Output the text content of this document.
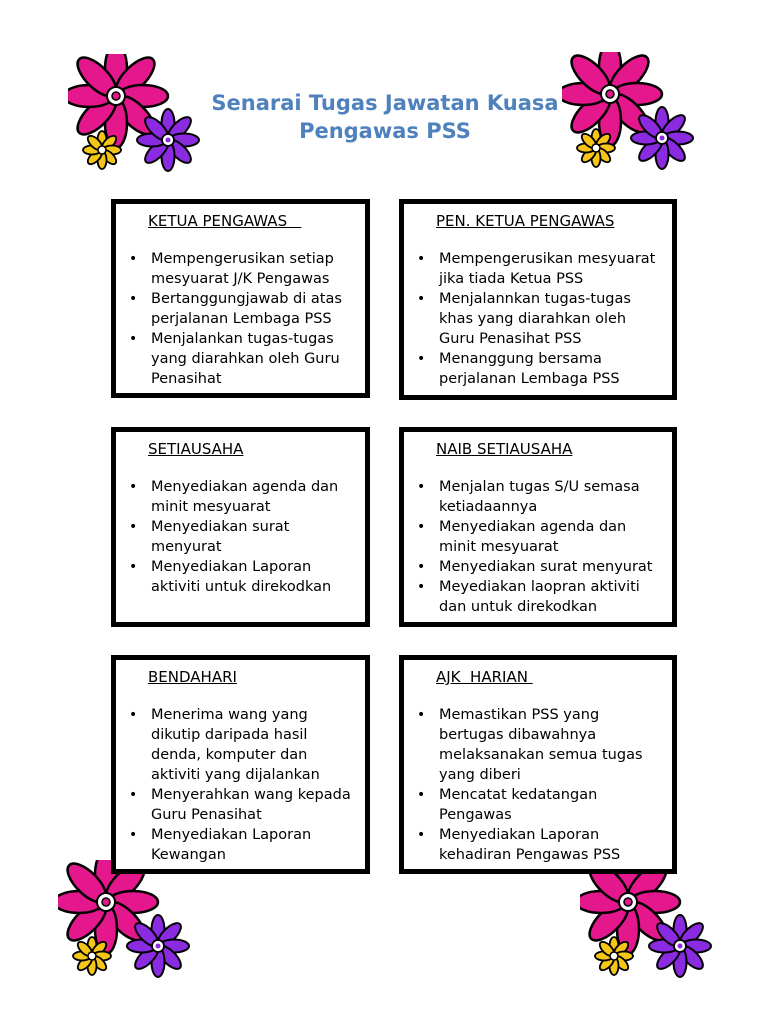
Senarai Tugas Jawatan Kuasa
Pengawas PSS
KETUA PENGAWAS
• Mempengerusikan setiap mesyuarat J/K Pengawas
• Bertanggungjawab di atas perjalanan Lembaga PSS
• Menjalankan tugas-tugas yang diarahkan oleh Guru Penasihat
PEN. KETUA PENGAWAS
• Mempengerusikan mesyuarat jika tiada Ketua PSS
• Menjalannkan tugas-tugas khas yang diarahkan oleh Guru Penasihat PSS
• Menanggung bersama perjalanan Lembaga PSS
SETIAUSAHA
• Menyediakan agenda dan minit mesyuarat
• Menyediakan surat menyurat
• Menyediakan Laporan aktiviti untuk direkodkan
NAIB SETIAUSAHA
• Menjalan tugas S/U semasa ketiadaannya
• Menyediakan agenda dan minit mesyuarat
• Menyediakan surat menyurat
• Meyediakan laopran aktiviti dan untuk direkodkan
BENDAHARI
• Menerima wang yang dikutip daripada hasil denda, komputer dan aktiviti yang dijalankan
• Menyerahkan wang kepada Guru Penasihat
• Menyediakan Laporan Kewangan
AJK  HARIAN
• Memastikan PSS yang bertugas dibawahnya melaksanakan semua tugas yang diberi
• Mencatat kedatangan Pengawas
• Menyediakan Laporan kehadiran Pengawas PSS
